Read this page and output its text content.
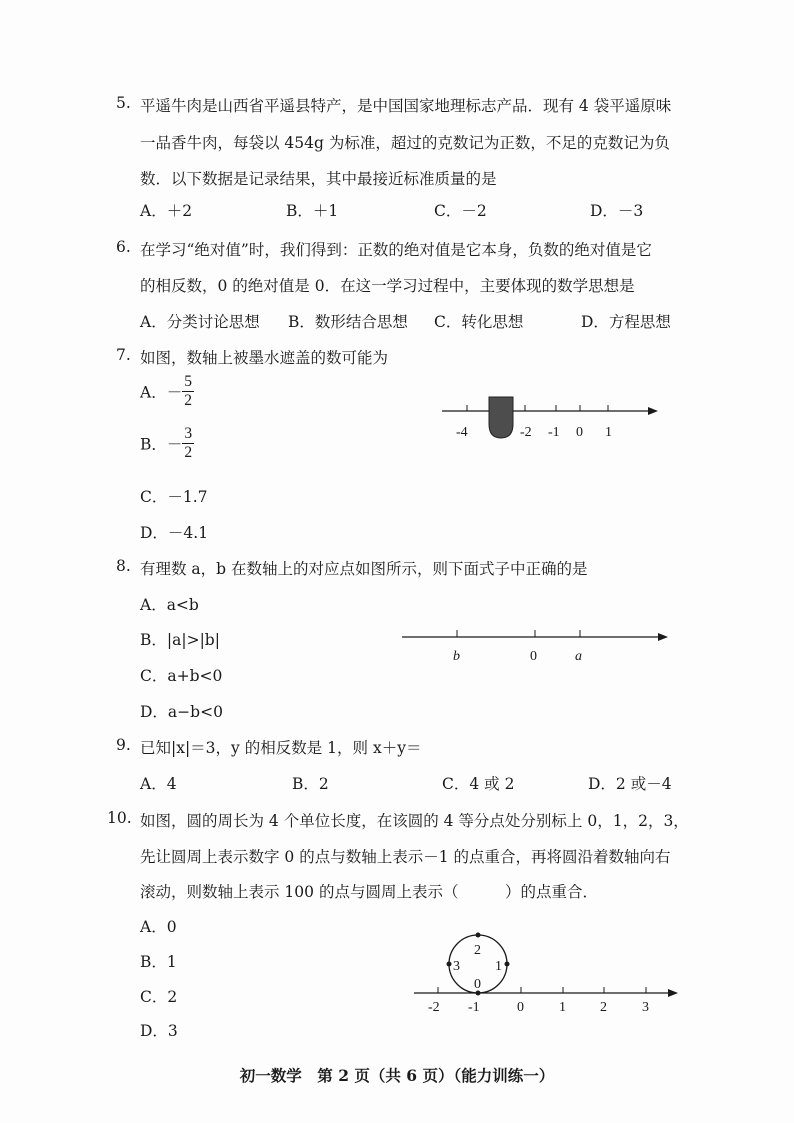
5. 平遥牛肉是山西省平遥县特产，是中国国家地理标志产品．现有 4 袋平遥原味
一品香牛肉，每袋以 454g 为标准，超过的克数记为正数，不足的克数记为负
数．以下数据是记录结果，其中最接近标准质量的是
A．＋2	B．＋1	C．－2	D．－3
6. 在学习“绝对值”时，我们得到：正数的绝对值是它本身，负数的绝对值是它
的相反数，0 的绝对值是 0．在这一学习过程中，主要体现的数学思想是
A．分类讨论思想 B．数形结合思想 C．转化思想	D．方程思想
7. 如图，数轴上被墨水遮盖的数可能为
A．－ $\frac{5}{2}$
B．－ $\frac{3}{2}$
C．－1.7
D．－4.1
-4	-2 -1 0 1
8. 有理数 a，b 在数轴上的对应点如图所示，则下面式子中正确的是
A．a<b
B．|a|>|b|
C．a+b<0
D．a−b<0
b	0	a
9. 已知|x|＝3，y 的相反数是 1，则 x＋y＝
A．4	B．2	C．4 或 2	D．2 或－4
10. 如图，圆的周长为 4 个单位长度，在该圆的 4 等分点处分别标上 0，1，2，3，
先让圆周上表示数字 0 的点与数轴上表示－1 的点重合，再将圆沿着数轴向右
滚动，则数轴上表示 100 的点与圆周上表示（　　　）的点重合．
A．0
B．1
C．2
D．3
2
3	1
0
-2 -1	0	1 2	3
初一数学　第 2 页（共 6 页）（能力训练一）
